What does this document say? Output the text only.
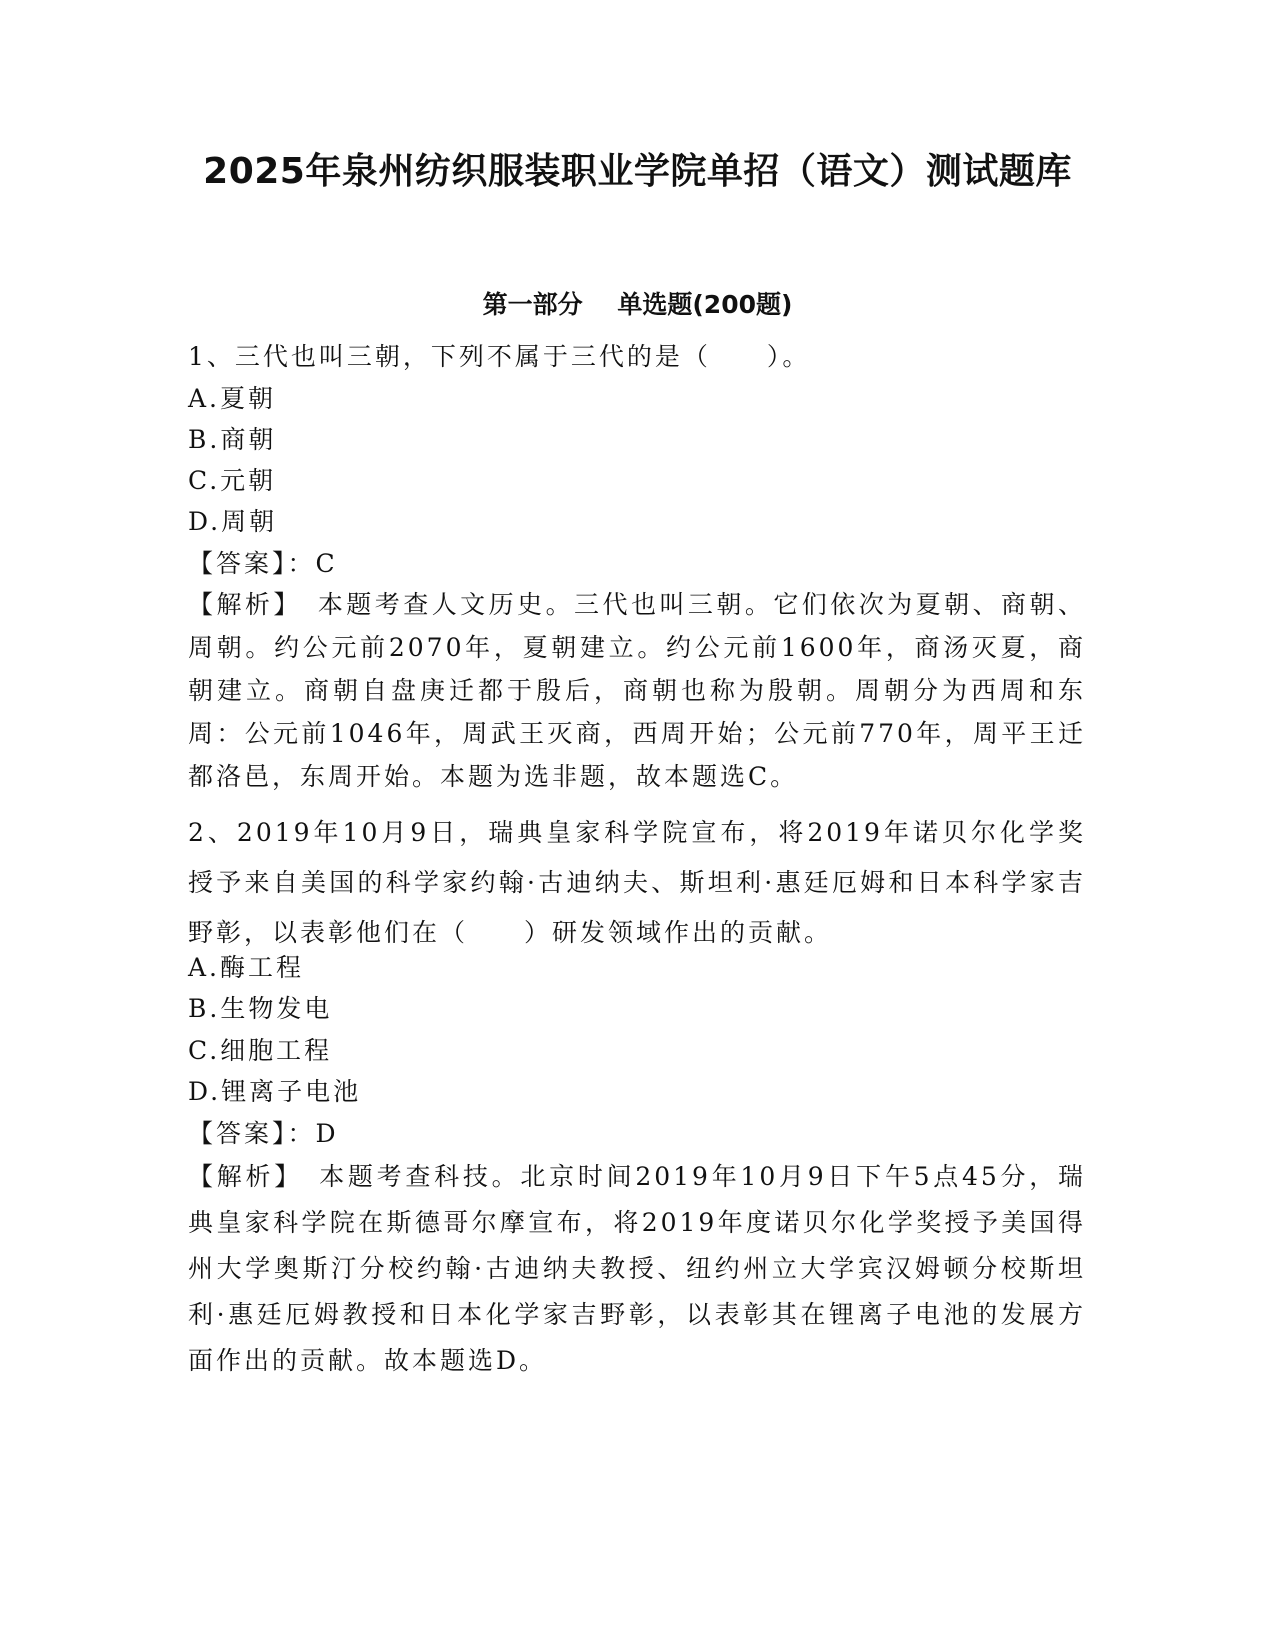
2025年泉州纺织服装职业学院单招（语文）测试题库
第一部分    单选题(200题)
1、三代也叫三朝，下列不属于三代的是（　　）。
A.夏朝
B.商朝
C.元朝
D.周朝
【答案】：C
【解析】　本题考查人文历史。三代也叫三朝。它们依次为夏朝、商朝、周朝。约公元前2070年，夏朝建立。约公元前1600年，商汤灭夏，商朝建立。商朝自盘庚迁都于殷后，商朝也称为殷朝。周朝分为西周和东周：公元前1046年，周武王灭商，西周开始；公元前770年，周平王迁都洛邑，东周开始。本题为选非题，故本题选C。
2、2019年10月9日，瑞典皇家科学院宣布，将2019年诺贝尔化学奖授予来自美国的科学家约翰·古迪纳夫、斯坦利·惠廷厄姆和日本科学家吉野彰，以表彰他们在（　　）研发领域作出的贡献。
A.酶工程
B.生物发电
C.细胞工程
D.锂离子电池
【答案】：D
【解析】　本题考查科技。北京时间2019年10月9日下午5点45分，瑞典皇家科学院在斯德哥尔摩宣布，将2019年度诺贝尔化学奖授予美国得州大学奥斯汀分校约翰·古迪纳夫教授、纽约州立大学宾汉姆顿分校斯坦利·惠廷厄姆教授和日本化学家吉野彰，以表彰其在锂离子电池的发展方面作出的贡献。故本题选D。
